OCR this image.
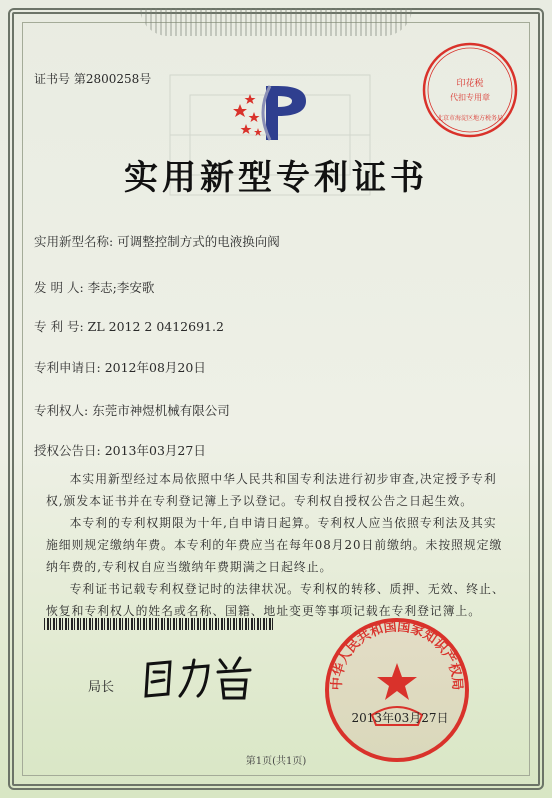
证书号 第2800258号
实用新型专利证书
印花税
代扣专用章
北京市海淀区地方税务局
实用新型名称: 可调整控制方式的电液换向阀
发 明 人: 李志;李安歌
专 利 号: ZL 2012 2 0412691.2
专利申请日: 2012年08月20日
专利权人: 东莞市神煜机械有限公司
授权公告日: 2013年03月27日

本实用新型经过本局依照中华人民共和国专利法进行初步审查,决定授予专利权,颁发本证书并在专利登记簿上予以登记。专利权自授权公告之日起生效。

本专利的专利权期限为十年,自申请日起算。专利权人应当依照专利法及其实施细则规定缴纳年费。本专利的年费应当在每年08月20日前缴纳。未按照规定缴纳年费的,专利权自应当缴纳年费期满之日起终止。

专利证书记载专利权登记时的法律状况。专利权的转移、质押、无效、终止、恢复和专利权人的姓名或名称、国籍、地址变更等事项记载在专利登记簿上。

局长	中华人民共和国国家知识产权局
2013年03月27日
第1页(共1页)
